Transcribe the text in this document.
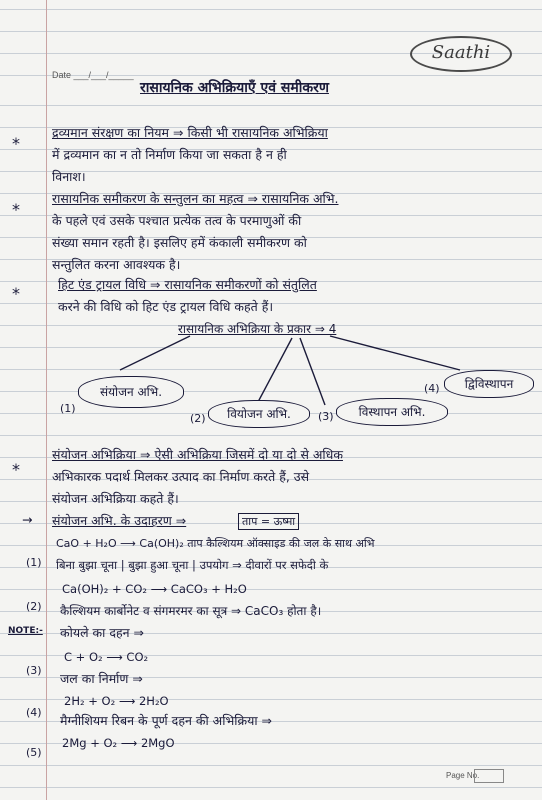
Saathi
Date ___/___/_____
रासायनिक अभिक्रियाएँ एवं समीकरण
*
द्रव्यमान संरक्षण का नियम ⇒ किसी भी रासायनिक अभिक्रिया
में द्रव्यमान का न तो निर्माण किया जा सकता है न ही
विनाश।
*
रासायनिक समीकरण के सन्तुलन का महत्व ⇒ रासायनिक अभि.
के पहले एवं उसके पश्चात प्रत्येक तत्व के परमाणुओं की
संख्या समान रहती है। इसलिए हमें कंकाली समीकरण को
सन्तुलित करना आवश्यक है।
*	हिट एंड ट्रायल विधि ⇒ रासायनिक समीकरणों को संतुलित
करने की विधि को हिट एंड ट्रायल विधि कहते हैं।
रासायनिक अभिक्रिया के प्रकार ⇒ 4
(1)
संयोजन अभि.
(2)	वियोजन अभि.	(3)	विस्थापन अभि.
(4)	द्विविस्थापन
*
संयोजन अभिक्रिया ⇒ ऐसी अभिक्रिया जिसमें दो या दो से अधिक
अभिकारक पदार्थ मिलकर उत्पाद का निर्माण करते हैं, उसे
संयोजन अभिक्रिया कहते हैं।
→ संयोजन अभि. के उदाहरण ⇒	ताप = ऊष्मा
(1)
CaO + H₂O ⟶ Ca(OH)₂ ताप कैल्शियम ऑक्साइड की जल के साथ अभि
बिना बुझा चूना | बुझा हुआ चूना | उपयोग ⇒ दीवारों पर सफेदी के
(2)
Ca(OH)₂ + CO₂ ⟶ CaCO₃ + H₂O
कैल्शियम कार्बोनेट व संगमरमर का सूत्र ⇒ CaCO₃ होता है।
NOTE:- कोयले का दहन ⇒
(3)
C + O₂ ⟶ CO₂
जल का निर्माण ⇒
(4)
2H₂ + O₂ ⟶ 2H₂O
मैग्नीशियम रिबन के पूर्ण दहन की अभिक्रिया ⇒
(5)
2Mg + O₂ ⟶ 2MgO
Page No.
